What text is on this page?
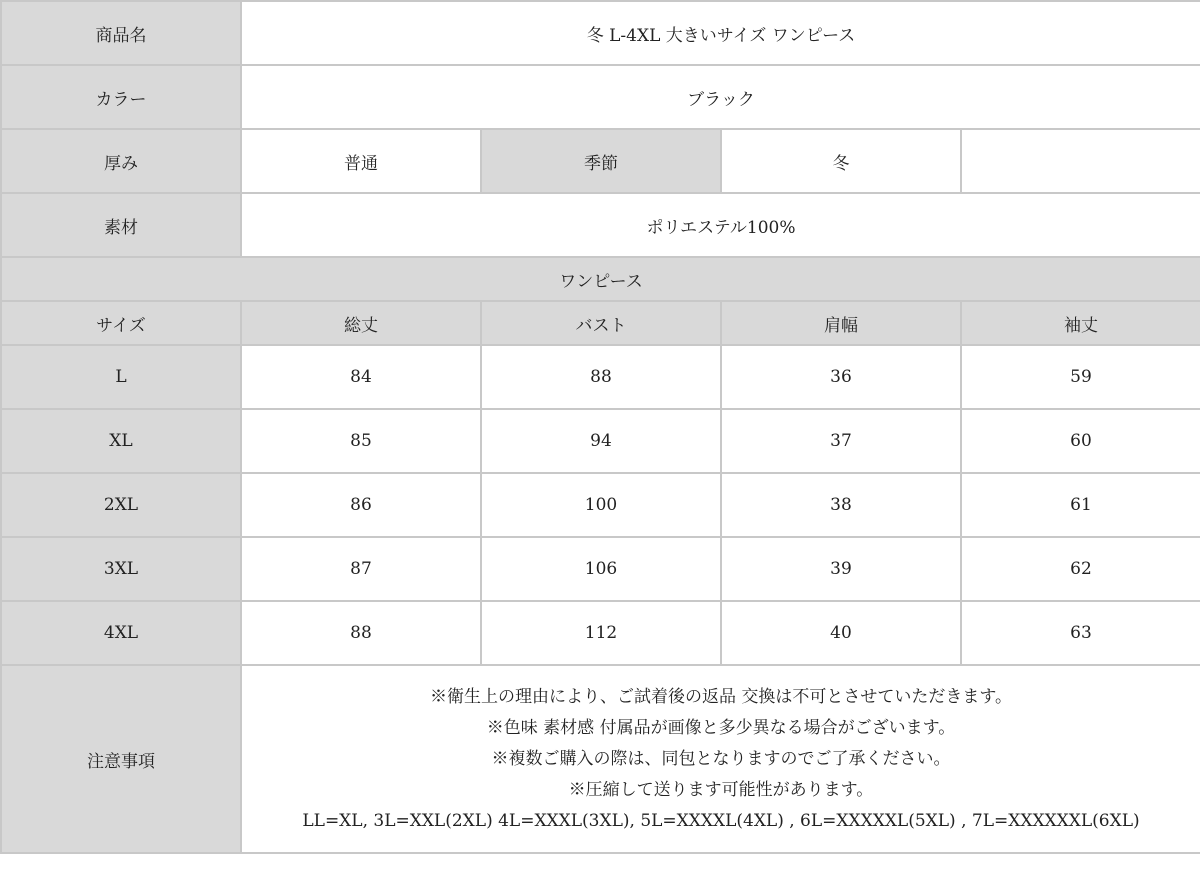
商品名	冬 L-4XL 大きいサイズ ワンピース			
カラー	ブラック			
厚み	普通	季節	冬	
素材	ポリエステル100%			
ワンピース				
サイズ	総丈	バスト	肩幅	袖丈
L	84	88	36	59
XL	85	94	37	60
2XL	86	100	38	61
3XL	87	106	39	62
4XL	88	112	40	63
注意事項	※衛生上の理由により、ご試着後の返品 交換は不可とさせていただきます。
※色味 素材感 付属品が画像と多少異なる場合がございます。
※複数ご購入の際は、同包となりますのでご了承ください。
※圧縮して送ります可能性があります。
LL=XL, 3L=XXL(2XL) 4L=XXXL(3XL), 5L=XXXXL(4XL) , 6L=XXXXXL(5XL) , 7L=XXXXXXL(6XL)			
